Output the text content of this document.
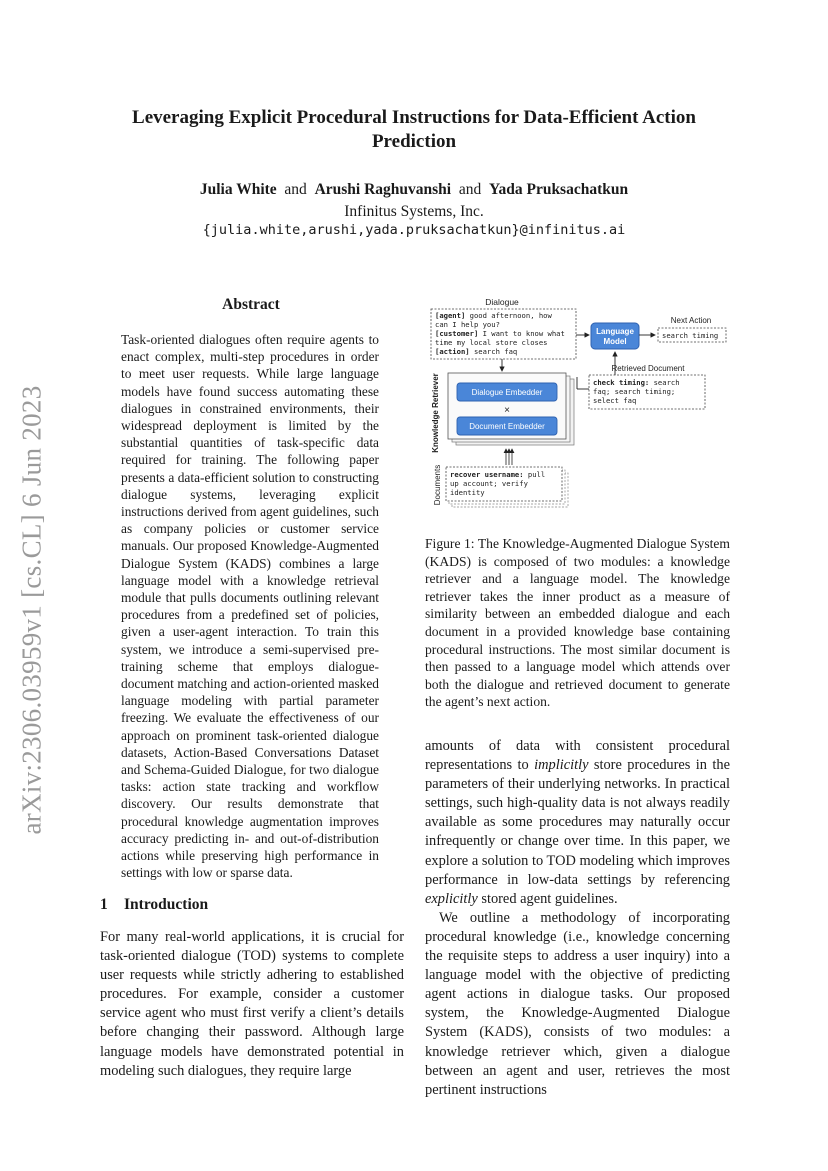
arXiv:2306.03959v1 [cs.CL] 6 Jun 2023
Leveraging Explicit Procedural Instructions for Data-Efficient Action Prediction
Julia White and Arushi Raghuvanshi and Yada Pruksachatkun
Infinitus Systems, Inc.
{julia.white,arushi,yada.pruksachatkun}@infinitus.ai
Abstract
Task-oriented dialogues often require agents to enact complex, multi-step procedures in order to meet user requests. While large language models have found success automating these dialogues in constrained environments, their widespread deployment is limited by the substantial quantities of task-specific data required for training. The following paper presents a data-efficient solution to constructing dialogue systems, leveraging explicit instructions derived from agent guidelines, such as company policies or customer service manuals. Our proposed Knowledge-Augmented Dialogue System (KADS) combines a large language model with a knowledge retrieval module that pulls documents outlining relevant procedures from a predefined set of policies, given a user-agent interaction. To train this system, we introduce a semi-supervised pre-training scheme that employs dialogue-document matching and action-oriented masked language modeling with partial parameter freezing. We evaluate the effectiveness of our approach on prominent task-oriented dialogue datasets, Action-Based Conversations Dataset and Schema-Guided Dialogue, for two dialogue tasks: action state tracking and workflow discovery. Our results demonstrate that procedural knowledge augmentation improves accuracy predicting in- and out-of-distribution actions while preserving high performance in settings with low or sparse data.
1 Introduction
For many real-world applications, it is crucial for task-oriented dialogue (TOD) systems to complete user requests while strictly adhering to established procedures. For example, consider a customer service agent who must first verify a client’s details before changing their password. Although large language models have demonstrated potential in modeling such dialogues, they require large
Dialogue
[agent] good afternoon, how
can I help you?
[customer] I want to know what
time my local store closes
[action] search faq
Language
Model
Next Action
search timing
Retrieved Document
check timing: search
faq; search timing;
select faq
Knowledge Retriever	Dialogue Embedder
×
Document Embedder
Documents recover username: pull
up account; verify
identity
Figure 1: The Knowledge-Augmented Dialogue System (KADS) is composed of two modules: a knowledge retriever and a language model. The knowledge retriever takes the inner product as a measure of similarity between an embedded dialogue and each document in a provided knowledge base containing procedural instructions. The most similar document is then passed to a language model which attends over both the dialogue and retrieved document to generate the agent’s next action.

amounts of data with consistent procedural representations to implicitly store procedures in the parameters of their underlying networks. In practical settings, such high-quality data is not always readily available as some procedures may naturally occur infrequently or change over time. In this paper, we explore a solution to TOD modeling which improves performance in low-data settings by referencing explicitly stored agent guidelines.

We outline a methodology of incorporating procedural knowledge (i.e., knowledge concerning the requisite steps to address a user inquiry) into a language model with the objective of predicting agent actions in dialogue tasks. Our proposed system, the Knowledge-Augmented Dialogue System (KADS), consists of two modules: a knowledge retriever which, given a dialogue between an agent and user, retrieves the most pertinent instructions
